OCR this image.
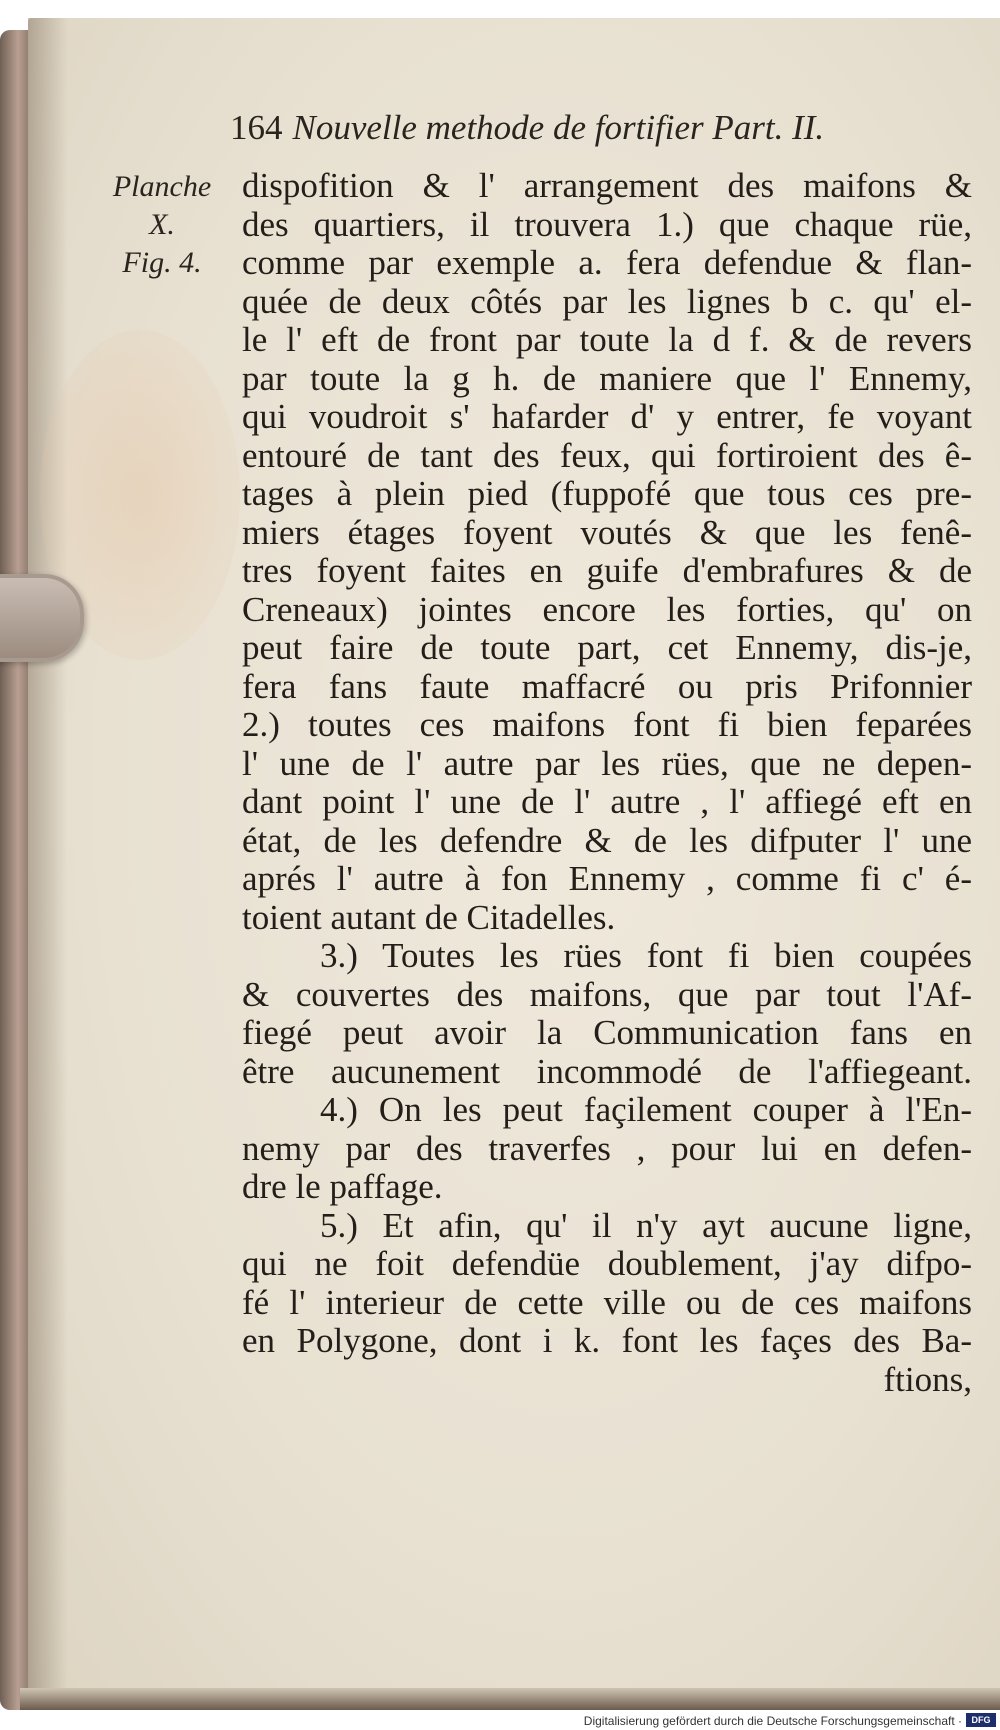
164 Nouvelle methode de fortifier Part. II.
Planche
X.
Fig. 4.
dispofition & l' arrangement des maifons &
des quartiers, il trouvera 1.) que chaque rüe,
comme par exemple a. fera defendue & flan-
quée de deux côtés par les lignes b c. qu' el-
le l' eft de front par toute la d f. & de revers
par toute la g h. de maniere que l' Ennemy,
qui voudroit s' hafarder d' y entrer, fe voyant
entouré de tant des feux, qui fortiroient des ê-
tages à plein pied (fuppofé que tous ces pre-
miers étages foyent voutés & que les fenê-
tres foyent faites en guife d'embrafures & de
Creneaux) jointes encore les forties, qu' on
peut faire de toute part, cet Ennemy, dis-je,
fera fans faute maffacré ou pris Prifonnier
2.) toutes ces maifons font fi bien feparées
l' une de l' autre par les rües, que ne depen-
dant point l' une de l' autre , l' affiegé eft en
état, de les defendre & de les difputer l' une
aprés l' autre à fon Ennemy , comme fi c' é-
toient autant de Citadelles.
3.) Toutes les rües font fi bien coupées
& couvertes des maifons, que par tout l'Af-
fiegé peut avoir la Communication fans en
être aucunement incommodé de l'affiegeant.
4.) On les peut façilement couper à l'En-
nemy par des traverfes , pour lui en defen-
dre le paffage.
5.) Et afin, qu' il n'y ayt aucune ligne,
qui ne foit defendüe doublement, j'ay difpo-
fé l' interieur de cette ville ou de ces maifons
en Polygone, dont i k. font les façes des Ba-
ftions,
Digitalisierung gefördert durch die Deutsche Forschungsgemeinschaft ·	DFG
